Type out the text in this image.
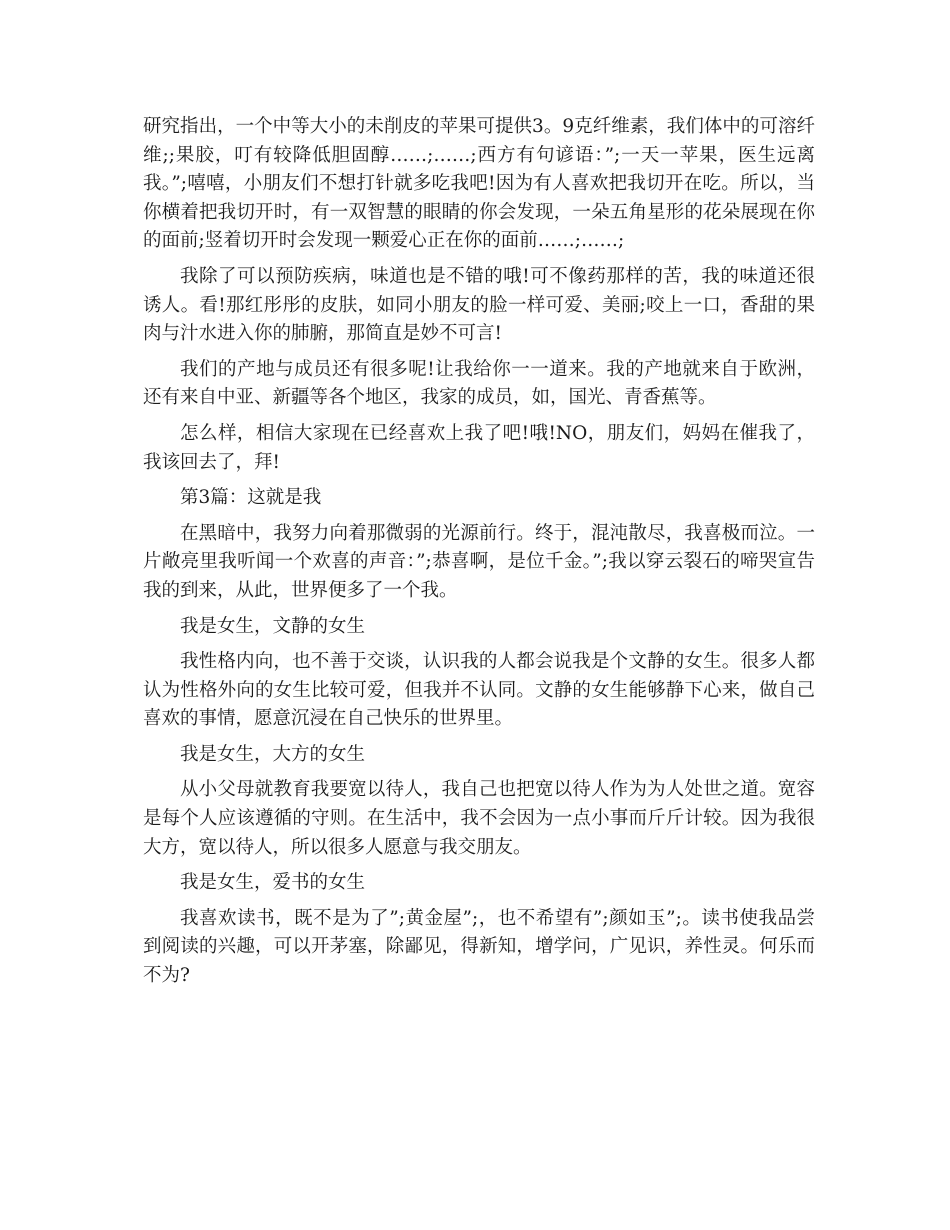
研究指出，一个中等大小的未削皮的苹果可提供3。9克纤维素，我们体中的可溶纤维;;果胶，叮有较降低胆固醇……;……;西方有句谚语：”;一天一苹果，医生远离我。”;嘻嘻，小朋友们不想打针就多吃我吧!因为有人喜欢把我切开在吃。所以，当你横着把我切开时，有一双智慧的眼睛的你会发现，一朵五角星形的花朵展现在你的面前;竖着切开时会发现一颗爱心正在你的面前……;……;

我除了可以预防疾病，味道也是不错的哦!可不像药那样的苦，我的味道还很诱人。看!那红彤彤的皮肤，如同小朋友的脸一样可爱、美丽;咬上一口，香甜的果肉与汁水进入你的肺腑，那简直是妙不可言!

我们的产地与成员还有很多呢!让我给你一一道来。我的产地就来自于欧洲，还有来自中亚、新疆等各个地区，我家的成员，如，国光、青香蕉等。

怎么样，相信大家现在已经喜欢上我了吧!哦!NO，朋友们，妈妈在催我了，我该回去了，拜!

第3篇：这就是我

在黑暗中，我努力向着那微弱的光源前行。终于，混沌散尽，我喜极而泣。一片敞亮里我听闻一个欢喜的声音：”;恭喜啊，是位千金。”;我以穿云裂石的啼哭宣告我的到来，从此，世界便多了一个我。

我是女生，文静的女生

我性格内向，也不善于交谈，认识我的人都会说我是个文静的女生。很多人都认为性格外向的女生比较可爱，但我并不认同。文静的女生能够静下心来，做自己喜欢的事情，愿意沉浸在自己快乐的世界里。

我是女生，大方的女生

从小父母就教育我要宽以待人，我自己也把宽以待人作为为人处世之道。宽容是每个人应该遵循的守则。在生活中，我不会因为一点小事而斤斤计较。因为我很大方，宽以待人，所以很多人愿意与我交朋友。

我是女生，爱书的女生

我喜欢读书，既不是为了”;黄金屋”;，也不希望有”;颜如玉”;。读书使我品尝到阅读的兴趣，可以开茅塞，除鄙见，得新知，增学问，广见识，养性灵。何乐而不为?
